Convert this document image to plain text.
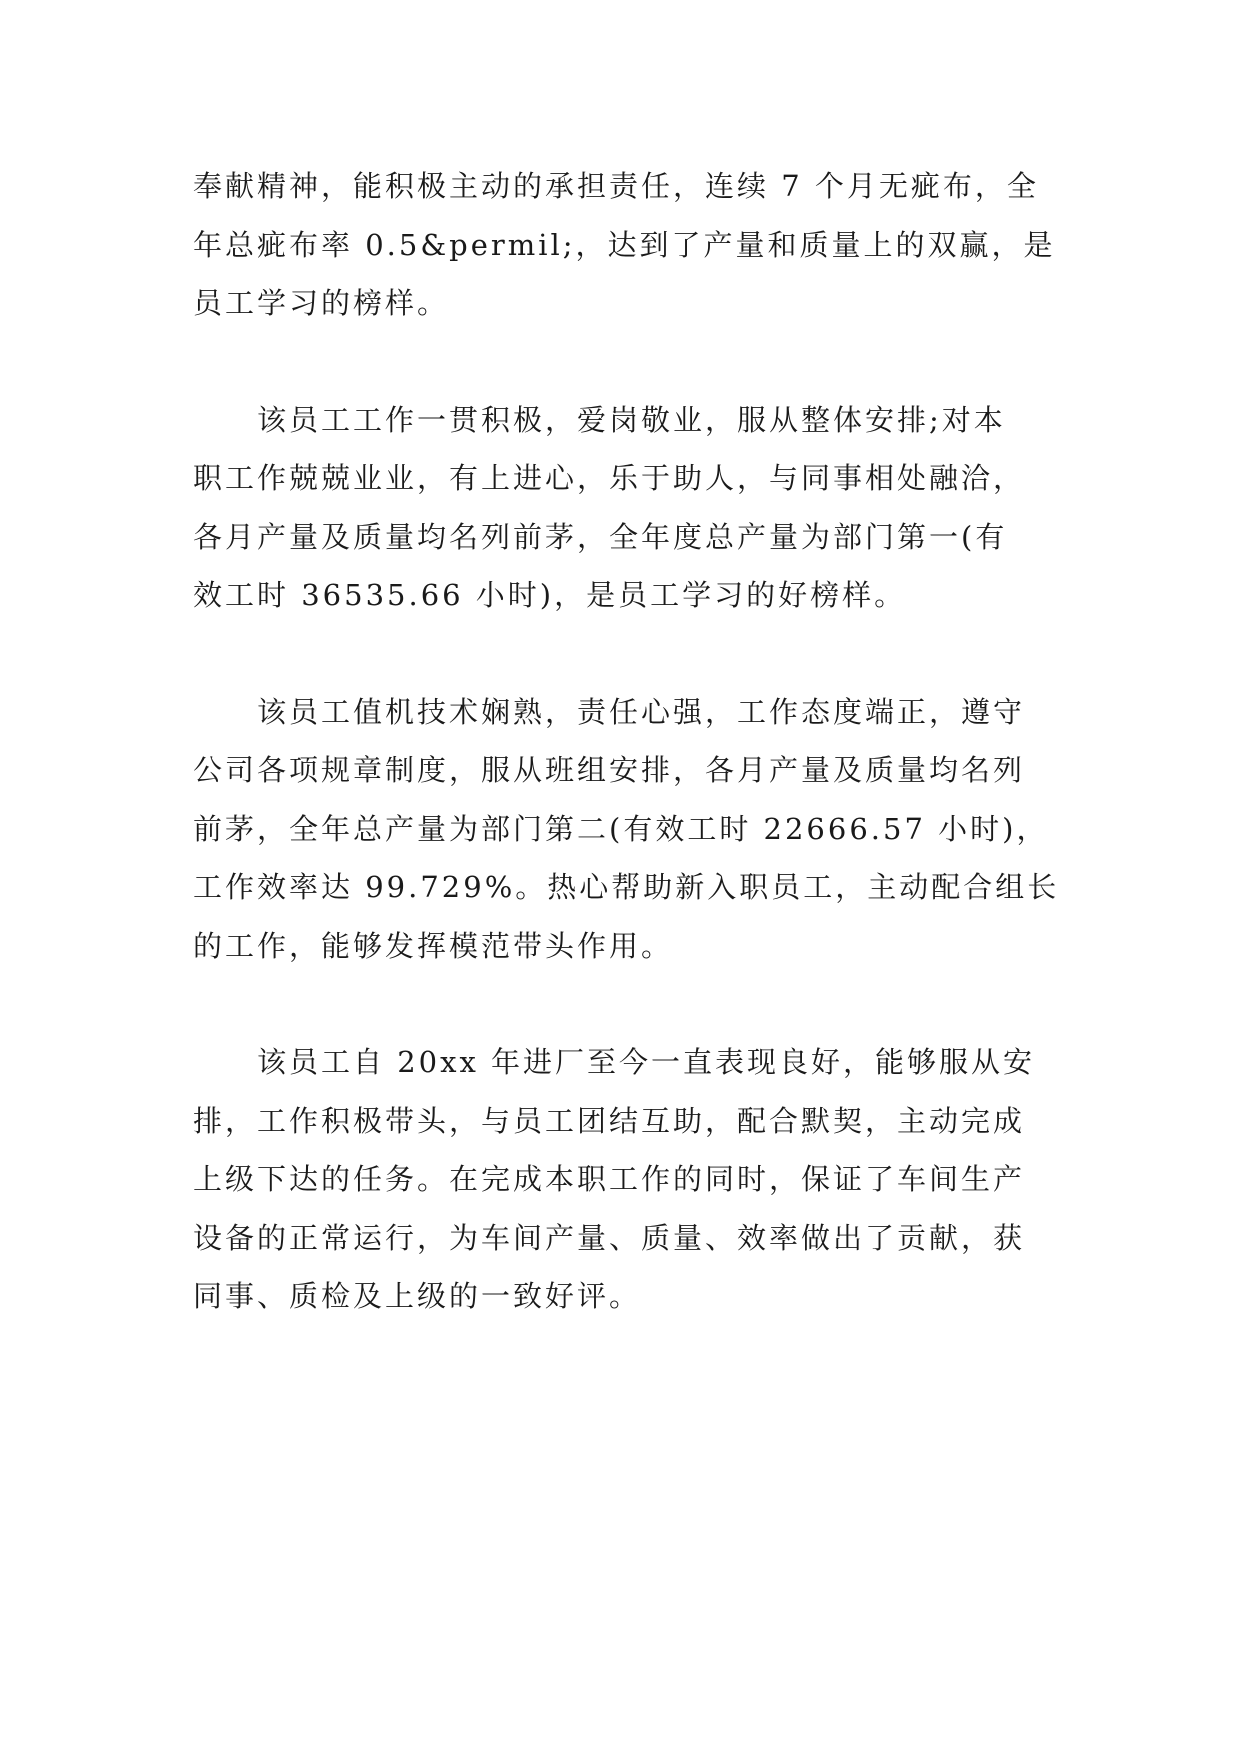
奉献精神，能积极主动的承担责任，连续 7 个月无疵布，全
年总疵布率 0.5&permil;，达到了产量和质量上的双赢，是
员工学习的榜样。

该员工工作一贯积极，爱岗敬业，服从整体安排;对本
职工作兢兢业业，有上进心，乐于助人，与同事相处融洽，
各月产量及质量均名列前茅，全年度总产量为部门第一(有
效工时 36535.66 小时)，是员工学习的好榜样。

该员工值机技术娴熟，责任心强，工作态度端正，遵守
公司各项规章制度，服从班组安排，各月产量及质量均名列
前茅，全年总产量为部门第二(有效工时 22666.57 小时)，
工作效率达 99.729%。热心帮助新入职员工，主动配合组长
的工作，能够发挥模范带头作用。

该员工自 20xx 年进厂至今一直表现良好，能够服从安
排，工作积极带头，与员工团结互助，配合默契，主动完成
上级下达的任务。在完成本职工作的同时，保证了车间生产
设备的正常运行，为车间产量、质量、效率做出了贡献，获
同事、质检及上级的一致好评。
